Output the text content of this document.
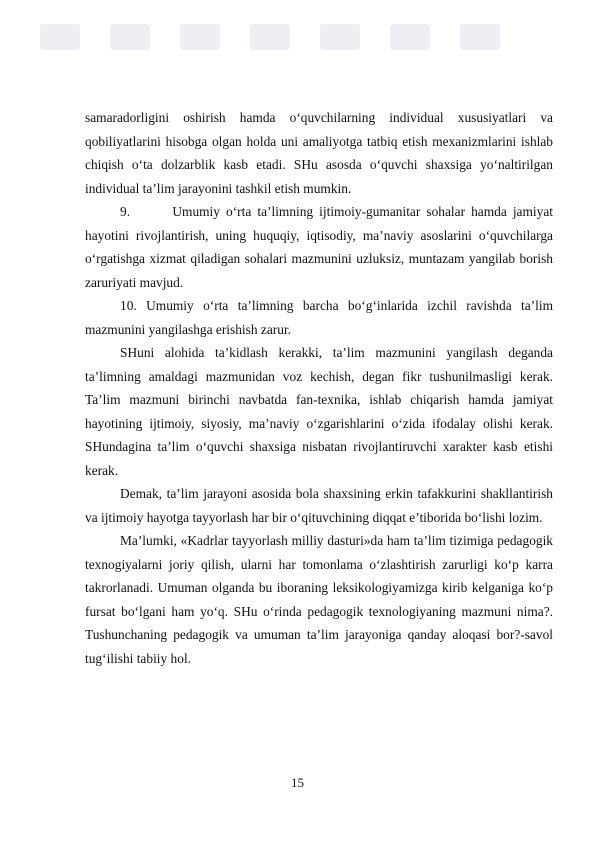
samaradorligini oshirish hamda o‘quvchilarning individual xususiyatlari va qobiliyatlarini hisobga olgan holda uni amaliyotga tatbiq etish mexanizmlarini ishlab chiqish o‘ta dolzarblik kasb etadi. SHu asosda o‘quvchi shaxsiga yo‘naltirilgan individual ta’lim jarayonini tashkil etish mumkin.

9.       Umumiy o‘rta ta’limning ijtimoiy-gumanitar sohalar hamda jamiyat hayotini rivojlantirish, uning huquqiy, iqtisodiy, ma’naviy asoslarini o‘quvchilarga o‘rgatishga xizmat qiladigan sohalari mazmunini uzluksiz, muntazam yangilab borish zaruriyati mavjud.

10. Umumiy o‘rta ta’limning barcha bo‘g‘inlarida izchil ravishda ta’lim mazmunini yangilashga erishish zarur.

SHuni alohida ta’kidlash kerakki, ta’lim mazmunini yangilash deganda ta’limning amaldagi mazmunidan voz kechish, degan fikr tushunilmasligi kerak. Ta’lim mazmuni birinchi navbatda fan-texnika, ishlab chiqarish hamda jamiyat hayotining ijtimoiy, siyosiy, ma’naviy o‘zgarishlarini o‘zida ifodalay olishi kerak. SHundagina ta’lim o‘quvchi shaxsiga nisbatan rivojlantiruvchi xarakter kasb etishi kerak.

Demak, ta’lim jarayoni asosida bola shaxsining erkin tafakkurini shakllantirish va ijtimoiy hayotga tayyorlash har bir o‘qituvchining diqqat e’tiborida bo‘lishi lozim.

Ma’lumki, «Kadrlar tayyorlash milliy dasturi»da ham ta’lim tizimiga pedagogik texnogiyalarni joriy qilish, ularni har tomonlama o‘zlashtirish zarurligi ko‘p karra takrorlanadi. Umuman olganda bu iboraning leksikologiyamizga kirib kelganiga ko‘p fursat bo‘lgani ham yo‘q. SHu o‘rinda pedagogik texnologiyaning mazmuni nima?. Tushunchaning pedagogik va umuman ta’lim jarayoniga qanday aloqasi bor?-savol tug‘ilishi tabiiy hol.

15
